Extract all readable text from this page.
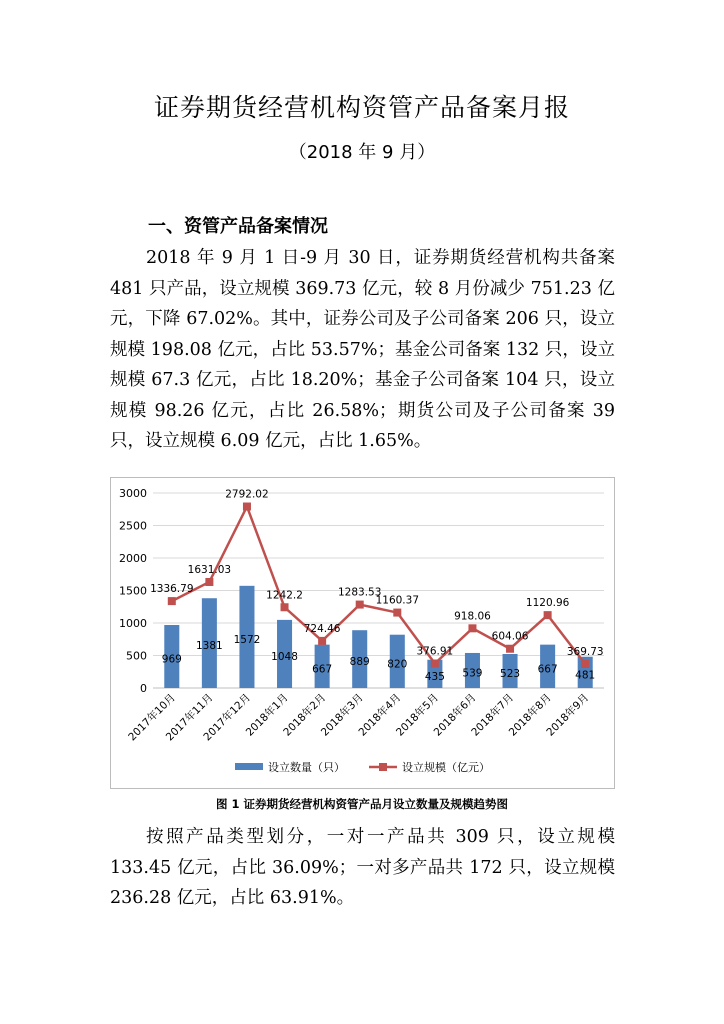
证券期货经营机构资管产品备案月报
（2018 年 9 月）
一、资管产品备案情况

2018 年 9 月 1 日-9 月 30 日，证券期货经营机构共备案 481 只产品，设立规模 369.73 亿元，较 8 月份减少 751.23 亿元，下降 67.02%。其中，证券公司及子公司备案 206 只，设立规模 198.08 亿元，占比 53.57%；基金公司备案 132 只，设立规模 67.3 亿元，占比 18.20%；基金子公司备案 104 只，设立规模 98.26 亿元，占比 26.58%；期货公司及子公司备案 39 只，设立规模 6.09 亿元，占比 1.65%。

0
500
1000
1500
2000
2500
3000
969
1381
1572
1048
667
889 820
435 539 523 667
481
2017年10月
2017年11月
2017年12月
2018年1月
2018年2月
2018年3月
2018年4月
2018年5月
2018年6月
2018年7月
2018年8月
2018年9月
1336.79
1631.03
2792.02
1242.2
724.46
1283.53
1160.37
376.91
918.06
604.06
1120.96
369.73
设立数量（只）	设立规模（亿元）
图 1 证券期货经营机构资管产品月设立数量及规模趋势图

按照产品类型划分，一对一产品共 309 只，设立规模 133.45 亿元，占比 36.09%；一对多产品共 172 只，设立规模 236.28 亿元，占比 63.91%。
